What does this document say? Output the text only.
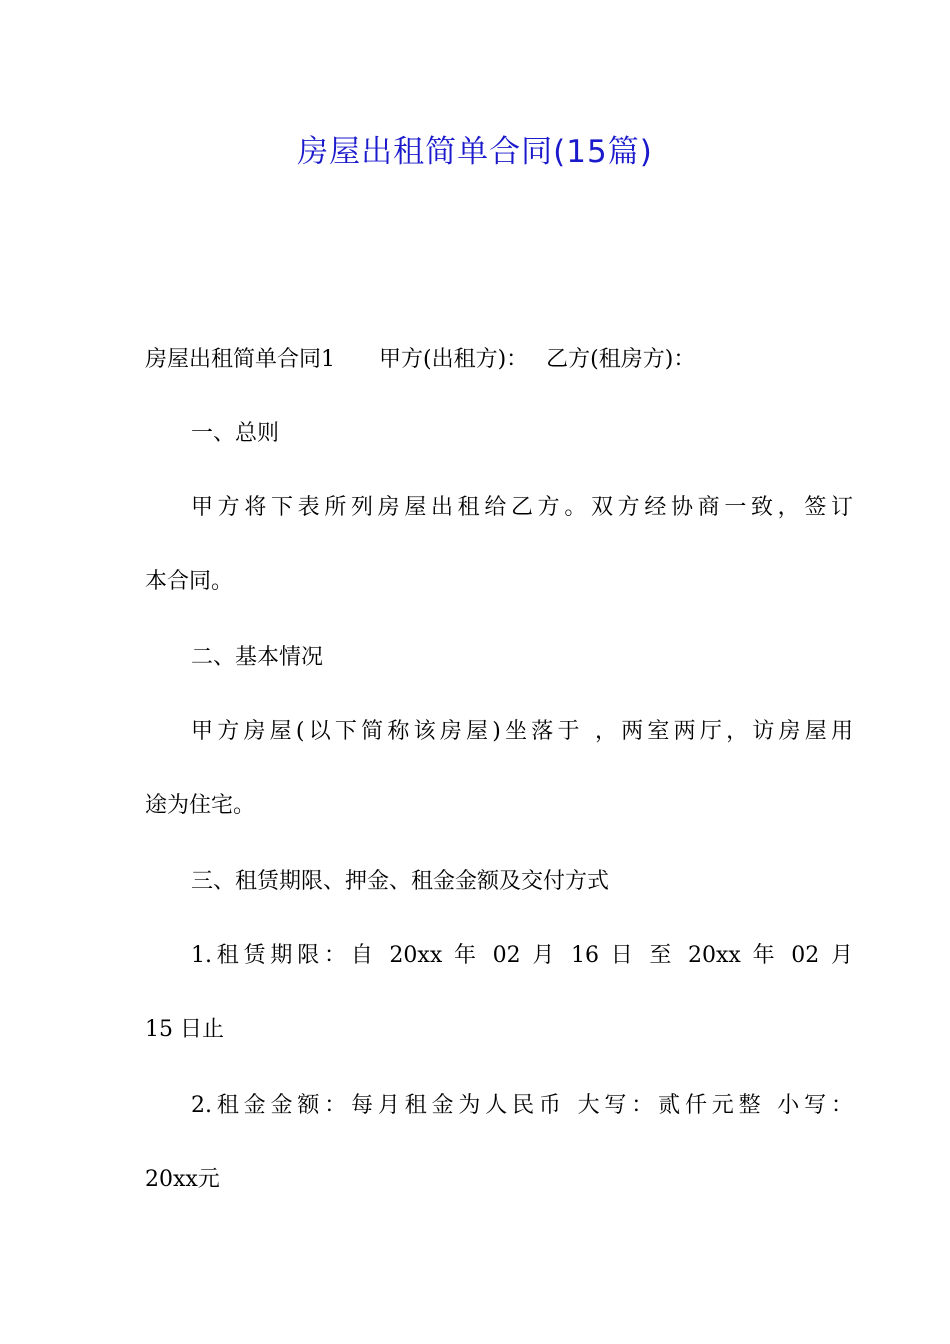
房屋出租简单合同(15篇)

房屋出租简单合同1 甲方(出租方)： 乙方(租房方)：

一、总则

甲方将下表所列房屋出租给乙方。双方经协商一致，签订

本合同。

二、基本情况

甲方房屋(以下简称该房屋)坐落于 ，两室两厅，访房屋用

途为住宅。

三、租赁期限、押金、租金金额及交付方式

1.租赁期限：自 20xx 年 02 月 16 日 至 20xx 年 02 月

15 日止

2.租金金额：每月租金为人民币 大写：贰仟元整 小写：

20xx元
